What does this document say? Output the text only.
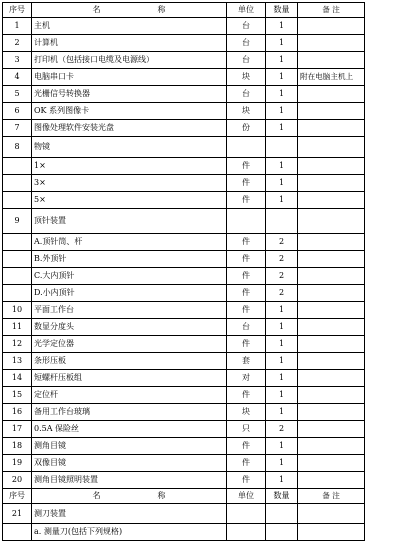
序号	名 称	单位	数量	备 注
1	主机	台	1	
2	计算机	台	1	
3	打印机（包括接口电缆及电源线）	台	1	
4	电脑串口卡	块	1	附在电脑主机上
5	光栅信号转换器	台	1	
6	OK 系列图像卡	块	1	
7	图像处理软件安装光盘	份	1	
8	物镜			
	1×	件	1	
	3×	件	1	
	5×	件	1	
9	顶针装置			
	A.顶针筒、杆	件	2	
	B.外顶针	件	2	
	C.大内顶针	件	2	
	D.小内顶针	件	2	
10	平面工作台	件	1	
11	数显分度头	台	1	
12	光学定位器	件	1	
13	条形压板	套	1	
14	短螺杆压板组	对	1	
15	定位杆	件	1	
16	备用工作台玻璃	块	1	
17	0.5A 保险丝	只	2	
18	测角目镜	件	1	
19	双像目镜	件	1	
20	测角目镜照明装置	件	1	
序号	名 称	单位	数量	备 注
21	测刀装置			
	a. 测量刀(包括下列规格)			
